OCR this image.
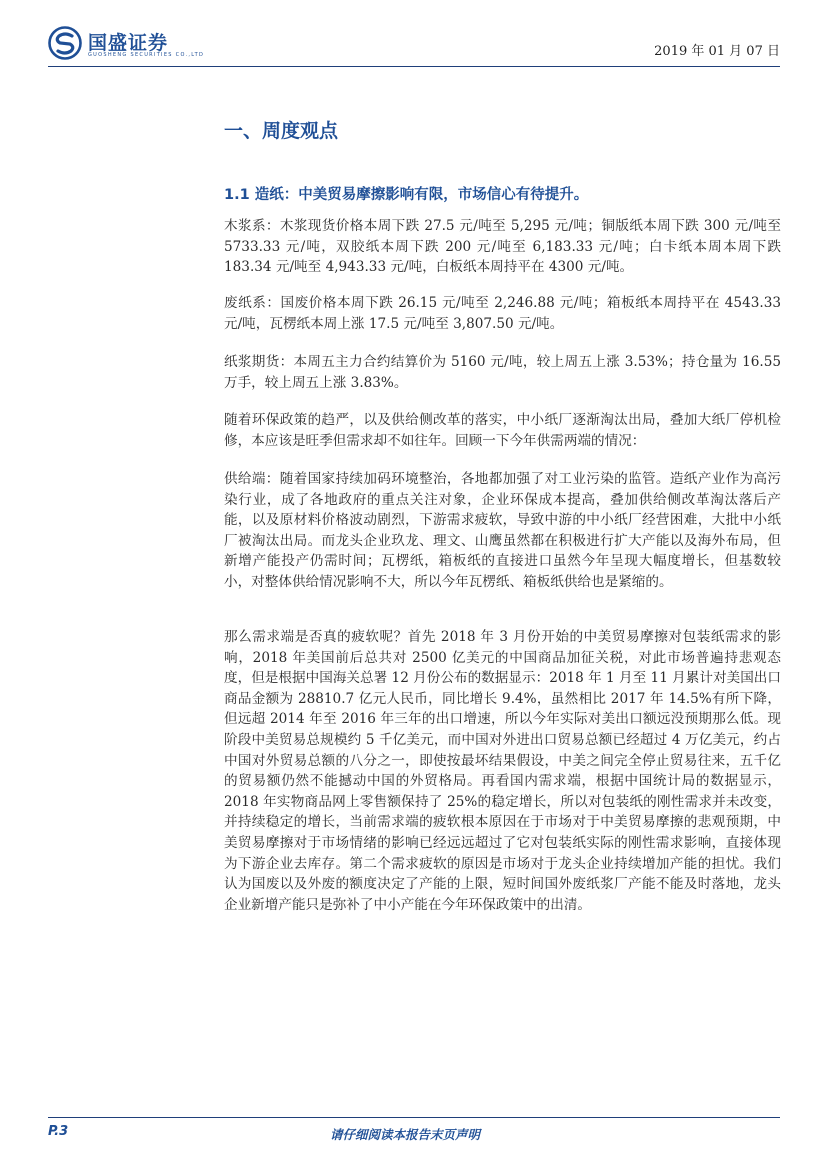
国盛证券
GUOSHENG SECURITIES CO.,LTD	2019 年 01 月 07 日
一、周度观点
1.1 造纸：中美贸易摩擦影响有限，市场信心有待提升。

木浆系：木浆现货价格本周下跌 27.5 元/吨至 5,295 元/吨；铜版纸本周下跌 300 元/吨至 5733.33 元/吨，双胶纸本周下跌 200 元/吨至 6,183.33 元/吨；白卡纸本周本周下跌 183.34 元/吨至 4,943.33 元/吨，白板纸本周持平在 4300 元/吨。

废纸系：国废价格本周下跌 26.15 元/吨至 2,246.88 元/吨；箱板纸本周持平在 4543.33 元/吨，瓦楞纸本周上涨 17.5 元/吨至 3,807.50 元/吨。

纸浆期货：本周五主力合约结算价为 5160 元/吨，较上周五上涨 3.53%；持仓量为 16.55 万手，较上周五上涨 3.83%。

随着环保政策的趋严，以及供给侧改革的落实，中小纸厂逐渐淘汰出局，叠加大纸厂停机检修，本应该是旺季但需求却不如往年。回顾一下今年供需两端的情况：

供给端：随着国家持续加码环境整治，各地都加强了对工业污染的监管。造纸产业作为高污染行业，成了各地政府的重点关注对象，企业环保成本提高，叠加供给侧改革淘汰落后产能，以及原材料价格波动剧烈，下游需求疲软，导致中游的中小纸厂经营困难，大批中小纸厂被淘汰出局。而龙头企业玖龙、理文、山鹰虽然都在积极进行扩大产能以及海外布局，但新增产能投产仍需时间；瓦楞纸，箱板纸的直接进口虽然今年呈现大幅度增长，但基数较小，对整体供给情况影响不大，所以今年瓦楞纸、箱板纸供给也是紧缩的。

那么需求端是否真的疲软呢？首先 2018 年 3 月份开始的中美贸易摩擦对包装纸需求的影响，2018 年美国前后总共对 2500 亿美元的中国商品加征关税，对此市场普遍持悲观态度，但是根据中国海关总署 12 月份公布的数据显示：2018 年 1 月至 11 月累计对美国出口商品金额为 28810.7 亿元人民币，同比增长 9.4%，虽然相比 2017 年 14.5%有所下降，但远超 2014 年至 2016 年三年的出口增速，所以今年实际对美出口额远没预期那么低。现阶段中美贸易总规模约 5 千亿美元，而中国对外进出口贸易总额已经超过 4 万亿美元，约占中国对外贸易总额的八分之一，即使按最坏结果假设，中美之间完全停止贸易往来，五千亿的贸易额仍然不能撼动中国的外贸格局。再看国内需求端，根据中国统计局的数据显示，2018 年实物商品网上零售额保持了 25%的稳定增长，所以对包装纸的刚性需求并未改变，并持续稳定的增长，当前需求端的疲软根本原因在于市场对于中美贸易摩擦的悲观预期，中美贸易摩擦对于市场情绪的影响已经远远超过了它对包装纸实际的刚性需求影响，直接体现为下游企业去库存。第二个需求疲软的原因是市场对于龙头企业持续增加产能的担忧。我们认为国废以及外废的额度决定了产能的上限，短时间国外废纸浆厂产能不能及时落地，龙头企业新增产能只是弥补了中小产能在今年环保政策中的出清。

P.3	请仔细阅读本报告末页声明
